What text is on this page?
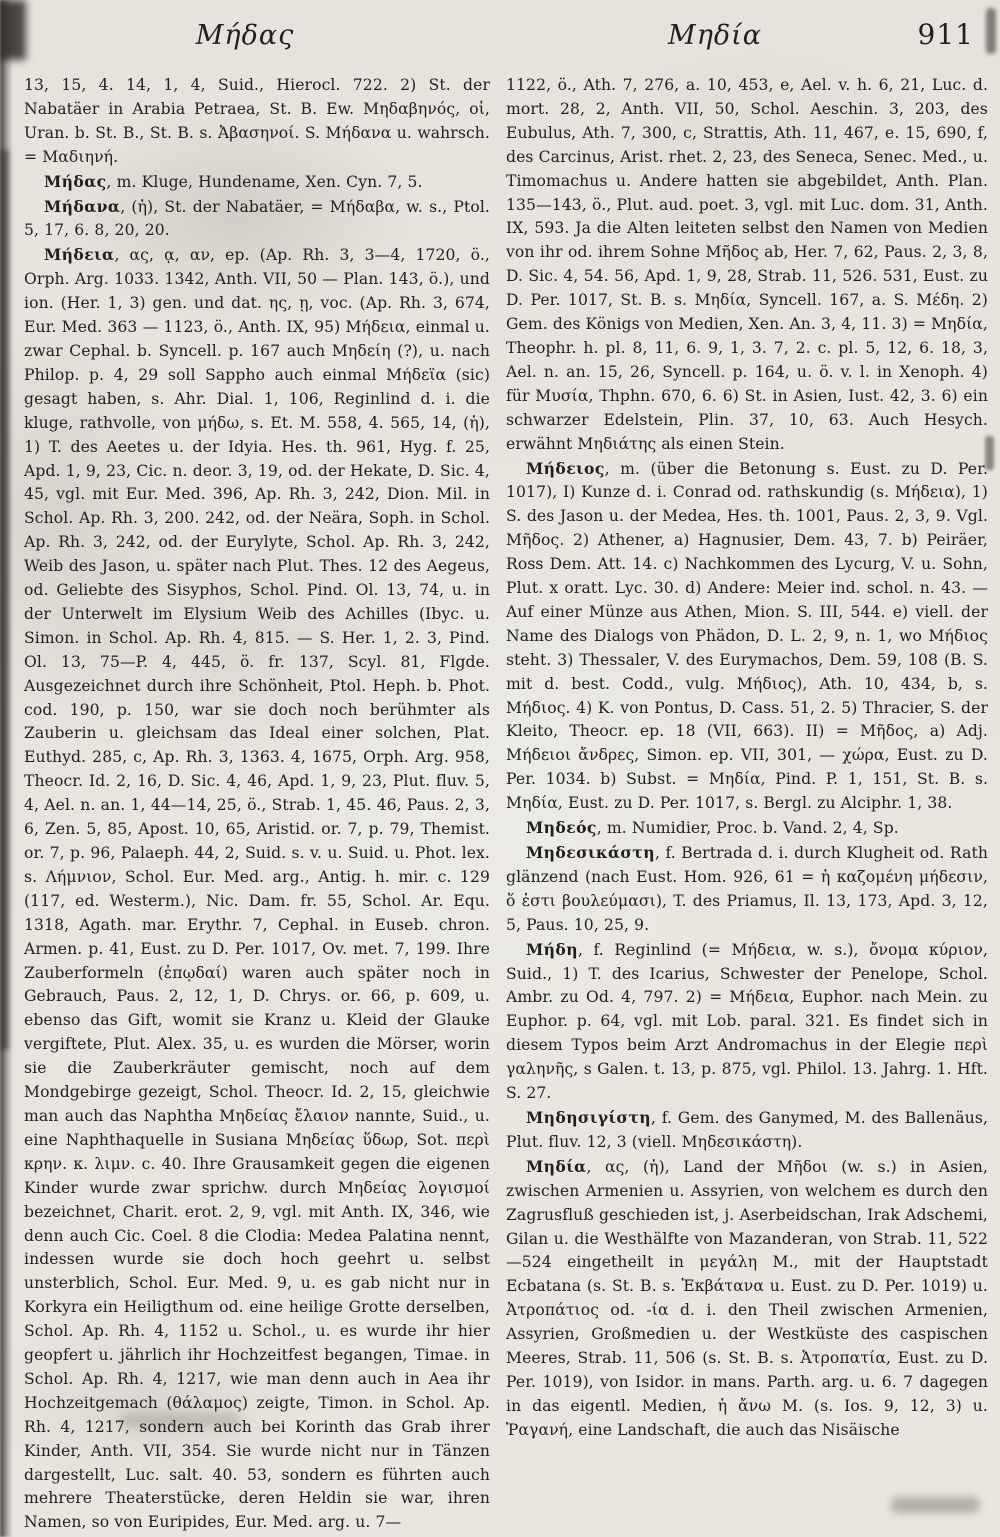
Μήδας	Μηδία	911

13, 15, 4. 14, 1, 4, Suid., Hierocl. 722. 2) St. der Nabatäer in Arabia Petraea, St. B. Ew. Μηδαβηνός, οἱ, Uran. b. St. B., St. B. s. Ἀβασηνοί. S. Μήδανα u. wahrsch. = Μαδιηνή.

Μήδας, m. Kluge, Hundename, Xen. Cyn. 7, 5.

Μήδανα, (ἡ), St. der Nabatäer, = Μήδαβα, w. s., Ptol. 5, 17, 6. 8, 20, 20.

Μήδεια, ας, ᾳ, αν, ep. (Ap. Rh. 3, 3—4, 1720, ö., Orph. Arg. 1033. 1342, Anth. VII, 50 — Plan. 143, ö.), und ion. (Her. 1, 3) gen. und dat. ης, ῃ, voc. (Ap. Rh. 3, 674, Eur. Med. 363 — 1123, ö., Anth. IX, 95) Μήδεια, einmal u. zwar Cephal. b. Syncell. p. 167 auch Μηδείη (?), u. nach Philop. p. 4, 29 soll Sappho auch einmal Μήδεϊα (sic) gesagt haben, s. Ahr. Dial. 1, 106, Reginlind d. i. die kluge, rathvolle, von μήδω, s. Et. M. 558, 4. 565, 14, (ἡ), 1) T. des Aeetes u. der Idyia. Hes. th. 961, Hyg. f. 25, Apd. 1, 9, 23, Cic. n. deor. 3, 19, od. der Hekate, D. Sic. 4, 45, vgl. mit Eur. Med. 396, Ap. Rh. 3, 242, Dion. Mil. in Schol. Ap. Rh. 3, 200. 242, od. der Neära, Soph. in Schol. Ap. Rh. 3, 242, od. der Eurylyte, Schol. Ap. Rh. 3, 242, Weib des Jason, u. später nach Plut. Thes. 12 des Aegeus, od. Geliebte des Sisyphos, Schol. Pind. Ol. 13, 74, u. in der Unterwelt im Elysium Weib des Achilles (Ibyc. u. Simon. in Schol. Ap. Rh. 4, 815. — S. Her. 1, 2. 3, Pind. Ol. 13, 75—P. 4, 445, ö. fr. 137, Scyl. 81, Flgde. Ausgezeichnet durch ihre Schönheit, Ptol. Heph. b. Phot. cod. 190, p. 150, war sie doch noch berühmter als Zauberin u. gleichsam das Ideal einer solchen, Plat. Euthyd. 285, c, Ap. Rh. 3, 1363. 4, 1675, Orph. Arg. 958, Theocr. Id. 2, 16, D. Sic. 4, 46, Apd. 1, 9, 23, Plut. fluv. 5, 4, Ael. n. an. 1, 44—14, 25, ö., Strab. 1, 45. 46, Paus. 2, 3, 6, Zen. 5, 85, Apost. 10, 65, Aristid. or. 7, p. 79, Themist. or. 7, p. 96, Palaeph. 44, 2, Suid. s. v. u. Suid. u. Phot. lex. s. Λήμνιον, Schol. Eur. Med. arg., Antig. h. mir. c. 129 (117, ed. Westerm.), Nic. Dam. fr. 55, Schol. Ar. Equ. 1318, Agath. mar. Erythr. 7, Cephal. in Euseb. chron. Armen. p. 41, Eust. zu D. Per. 1017, Ov. met. 7, 199. Ihre Zauberformeln (ἐπῳδαί) waren auch später noch in Gebrauch, Paus. 2, 12, 1, D. Chrys. or. 66, p. 609, u. ebenso das Gift, womit sie Kranz u. Kleid der Glauke vergiftete, Plut. Alex. 35, u. es wurden die Mörser, worin sie die Zauberkräuter gemischt, noch auf dem Mondgebirge gezeigt, Schol. Theocr. Id. 2, 15, gleichwie man auch das Naphtha Μηδείας ἔλαιον nannte, Suid., u. eine Naphthaquelle in Susiana Μηδείας ὕδωρ, Sot. περὶ κρην. κ. λιμν. c. 40. Ihre Grausamkeit gegen die eigenen Kinder wurde zwar sprichw. durch Μηδείας λογισμοί bezeichnet, Charit. erot. 2, 9, vgl. mit Anth. IX, 346, wie denn auch Cic. Coel. 8 die Clodia: Medea Palatina nennt, indessen wurde sie doch hoch geehrt u. selbst unsterblich, Schol. Eur. Med. 9, u. es gab nicht nur in Korkyra ein Heiligthum od. eine heilige Grotte derselben, Schol. Ap. Rh. 4, 1152 u. Schol., u. es wurde ihr hier geopfert u. jährlich ihr Hochzeitfest begangen, Timae. in Schol. Ap. Rh. 4, 1217, wie man denn auch in Aea ihr Hochzeitgemach (θάλαμος) zeigte, Timon. in Schol. Ap. Rh. 4, 1217, sondern auch bei Korinth das Grab ihrer Kinder, Anth. VII, 354. Sie wurde nicht nur in Tänzen dargestellt, Luc. salt. 40. 53, sondern es führten auch mehrere Theaterstücke, deren Heldin sie war, ihren Namen, so von Euripides, Eur. Med. arg. u. 7—

1122, ö., Ath. 7, 276, a. 10, 453, e, Ael. v. h. 6, 21, Luc. d. mort. 28, 2, Anth. VII, 50, Schol. Aeschin. 3, 203, des Eubulus, Ath. 7, 300, c, Strattis, Ath. 11, 467, e. 15, 690, f, des Carcinus, Arist. rhet. 2, 23, des Seneca, Senec. Med., u. Timomachus u. Andere hatten sie abgebildet, Anth. Plan. 135—143, ö., Plut. aud. poet. 3, vgl. mit Luc. dom. 31, Anth. IX, 593. Ja die Alten leiteten selbst den Namen von Medien von ihr od. ihrem Sohne Μῆδος ab, Her. 7, 62, Paus. 2, 3, 8, D. Sic. 4, 54. 56, Apd. 1, 9, 28, Strab. 11, 526. 531, Eust. zu D. Per. 1017, St. B. s. Μηδία, Syncell. 167, a. S. Μέδη. 2) Gem. des Königs von Medien, Xen. An. 3, 4, 11. 3) = Μηδία, Theophr. h. pl. 8, 11, 6. 9, 1, 3. 7, 2. c. pl. 5, 12, 6. 18, 3, Ael. n. an. 15, 26, Syncell. p. 164, u. ö. v. l. in Xenoph. 4) für Μυσία, Thphn. 670, 6. 6) St. in Asien, Iust. 42, 3. 6) ein schwarzer Edelstein, Plin. 37, 10, 63. Auch Hesych. erwähnt Μηδιάτης als einen Stein.

Μήδειος, m. (über die Betonung s. Eust. zu D. Per. 1017), I) Kunze d. i. Conrad od. rathskundig (s. Μήδεια), 1) S. des Jason u. der Medea, Hes. th. 1001, Paus. 2, 3, 9. Vgl. Μῆδος. 2) Athener, a) Hagnusier, Dem. 43, 7. b) Peiräer, Ross Dem. Att. 14. c) Nachkommen des Lycurg, V. u. Sohn, Plut. x oratt. Lyc. 30. d) Andere: Meier ind. schol. n. 43. — Auf einer Münze aus Athen, Mion. S. III, 544. e) viell. der Name des Dialogs von Phädon, D. L. 2, 9, n. 1, wo Μήδιος steht. 3) Thessaler, V. des Eurymachos, Dem. 59, 108 (B. S. mit d. best. Codd., vulg. Μήδιος), Ath. 10, 434, b, s. Μήδιος. 4) K. von Pontus, D. Cass. 51, 2. 5) Thracier, S. der Kleito, Theocr. ep. 18 (VII, 663). II) = Μῆδος, a) Adj. Μήδειοι ἄνδρες, Simon. ep. VII, 301, — χώρα, Eust. zu D. Per. 1034. b) Subst. = Μηδία, Pind. P. 1, 151, St. B. s. Μηδία, Eust. zu D. Per. 1017, s. Bergl. zu Alciphr. 1, 38.

Μηδεός, m. Numidier, Proc. b. Vand. 2, 4, Sp.

Μηδεσικάστη, f. Bertrada d. i. durch Klugheit od. Rath glänzend (nach Eust. Hom. 926, 61 = ἡ καζομένη μήδεσιν, ὅ ἐστι βουλεύμασι), T. des Priamus, Il. 13, 173, Apd. 3, 12, 5, Paus. 10, 25, 9.

Μήδη, f. Reginlind (= Μήδεια, w. s.), ὄνομα κύριον, Suid., 1) T. des Icarius, Schwester der Penelope, Schol. Ambr. zu Od. 4, 797. 2) = Μήδεια, Euphor. nach Mein. zu Euphor. p. 64, vgl. mit Lob. paral. 321. Es findet sich in diesem Typos beim Arzt Andromachus in der Elegie περὶ γαληνῆς, s Galen. t. 13, p. 875, vgl. Philol. 13. Jahrg. 1. Hft. S. 27.

Μηδησιγίστη, f. Gem. des Ganymed, M. des Ballenäus, Plut. fluv. 12, 3 (viell. Μηδεσικάστη).

Μηδία, ας, (ἡ), Land der Μῆδοι (w. s.) in Asien, zwischen Armenien u. Assyrien, von welchem es durch den Zagrusfluß geschieden ist, j. Aserbeidschan, Irak Adschemi, Gilan u. die Westhälfte von Mazanderan, von Strab. 11, 522—524 eingetheilt in μεγάλη Μ., mit der Hauptstadt Ecbatana (s. St. B. s. Ἐκβάτανα u. Eust. zu D. Per. 1019) u. Ἀτροπάτιος od. -ία d. i. den Theil zwischen Armenien, Assyrien, Großmedien u. der Westküste des caspischen Meeres, Strab. 11, 506 (s. St. B. s. Ἀτροπατία, Eust. zu D. Per. 1019), von Isidor. in mans. Parth. arg. u. 6. 7 dagegen in das eigentl. Medien, ἡ ἄνω Μ. (s. Ios. 9, 12, 3) u. Ῥαγανή, eine Landschaft, die auch das Nisäische
